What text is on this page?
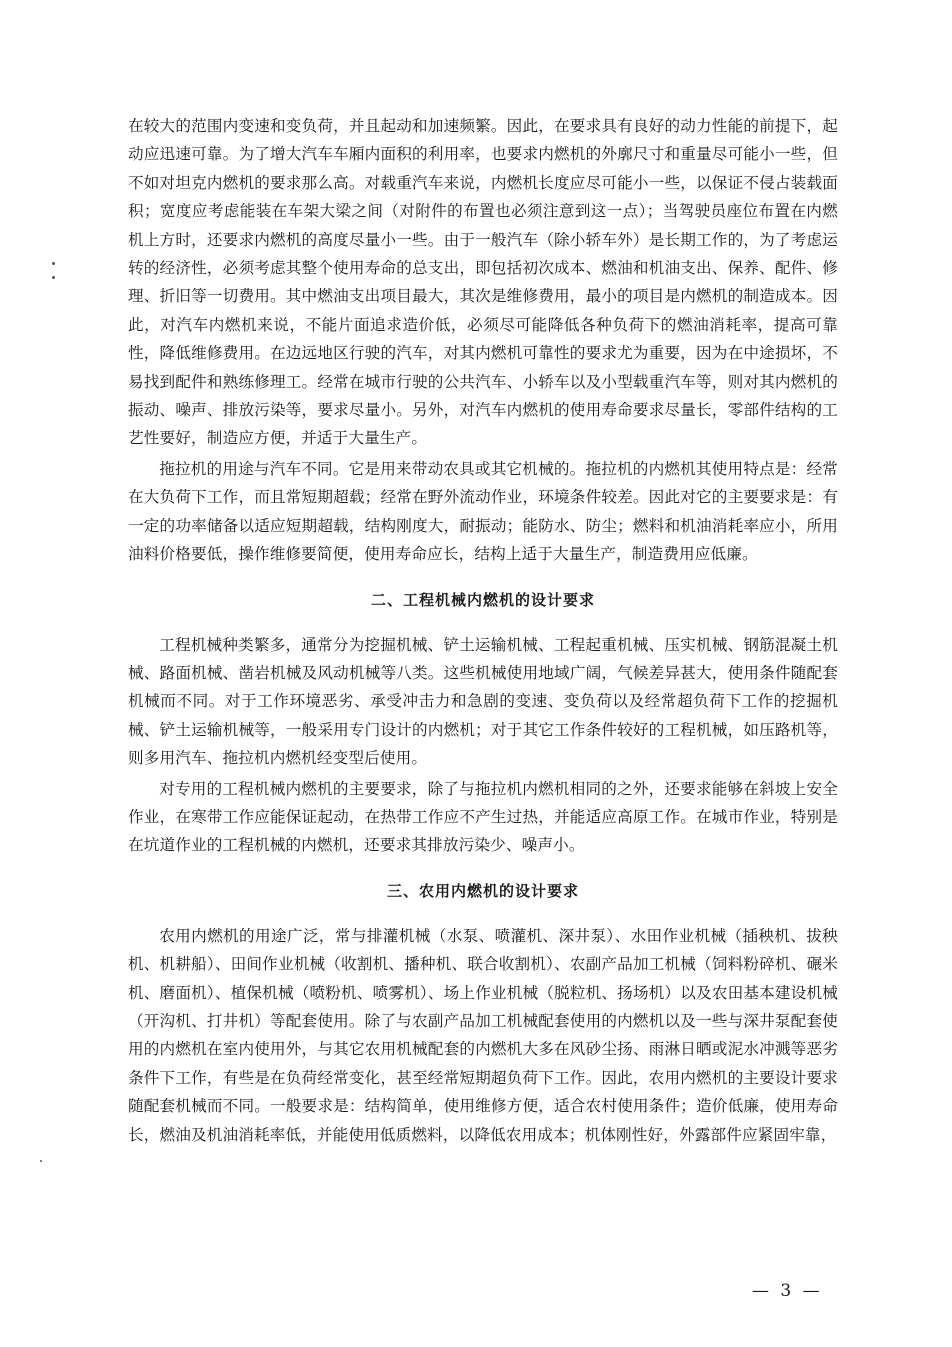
在较大的范围内变速和变负荷，并且起动和加速频繁。因此，在要求具有良好的动力性能的前提下，起动应迅速可靠。为了增大汽车车厢内面积的利用率，也要求内燃机的外廓尺寸和重量尽可能小一些，但不如对坦克内燃机的要求那么高。对载重汽车来说，内燃机长度应尽可能小一些，以保证不侵占装载面积；宽度应考虑能装在车架大梁之间（对附件的布置也必须注意到这一点）；当驾驶员座位布置在内燃机上方时，还要求内燃机的高度尽量小一些。由于一般汽车（除小轿车外）是长期工作的，为了考虑运转的经济性，必须考虑其整个使用寿命的总支出，即包括初次成本、燃油和机油支出、保养、配件、修理、折旧等一切费用。其中燃油支出项目最大，其次是维修费用，最小的项目是内燃机的制造成本。因此，对汽车内燃机来说，不能片面追求造价低，必须尽可能降低各种负荷下的燃油消耗率，提高可靠性，降低维修费用。在边远地区行驶的汽车，对其内燃机可靠性的要求尤为重要，因为在中途损坏，不易找到配件和熟练修理工。经常在城市行驶的公共汽车、小轿车以及小型载重汽车等，则对其内燃机的振动、噪声、排放污染等，要求尽量小。另外，对汽车内燃机的使用寿命要求尽量长，零部件结构的工艺性要好，制造应方便，并适于大量生产。

拖拉机的用途与汽车不同。它是用来带动农具或其它机械的。拖拉机的内燃机其使用特点是：经常在大负荷下工作，而且常短期超载；经常在野外流动作业，环境条件较差。因此对它的主要要求是：有一定的功率储备以适应短期超载，结构刚度大，耐振动；能防水、防尘；燃料和机油消耗率应小，所用油料价格要低，操作维修要简便，使用寿命应长，结构上适于大量生产，制造费用应低廉。

二、工程机械内燃机的设计要求

工程机械种类繁多，通常分为挖掘机械、铲土运输机械、工程起重机械、压实机械、钢筋混凝土机械、路面机械、凿岩机械及风动机械等八类。这些机械使用地域广阔，气候差异甚大，使用条件随配套机械而不同。对于工作环境恶劣、承受冲击力和急剧的变速、变负荷以及经常超负荷下工作的挖掘机械、铲土运输机械等，一般采用专门设计的内燃机；对于其它工作条件较好的工程机械，如压路机等，则多用汽车、拖拉机内燃机经变型后使用。

对专用的工程机械内燃机的主要要求，除了与拖拉机内燃机相同的之外，还要求能够在斜坡上安全作业，在寒带工作应能保证起动，在热带工作应不产生过热，并能适应高原工作。在城市作业，特别是在坑道作业的工程机械的内燃机，还要求其排放污染少、噪声小。

三、农用内燃机的设计要求

农用内燃机的用途广泛，常与排灌机械（水泵、喷灌机、深井泵）、水田作业机械（插秧机、拔秧机、机耕船）、田间作业机械（收割机、播种机、联合收割机）、农副产品加工机械（饲料粉碎机、碾米机、磨面机）、植保机械（喷粉机、喷雾机）、场上作业机械（脱粒机、扬场机）以及农田基本建设机械（开沟机、打井机）等配套使用。除了与农副产品加工机械配套使用的内燃机以及一些与深井泵配套使用的内燃机在室内使用外，与其它农用机械配套的内燃机大多在风砂尘扬、雨淋日晒或泥水冲溅等恶劣条件下工作，有些是在负荷经常变化，甚至经常短期超负荷下工作。因此，农用内燃机的主要设计要求随配套机械而不同。一般要求是：结构简单，使用维修方便，适合农村使用条件；造价低廉，使用寿命长，燃油及机油消耗率低，并能使用低质燃料，以降低农用成本；机体刚性好，外露部件应紧固牢靠，

— 3 —
